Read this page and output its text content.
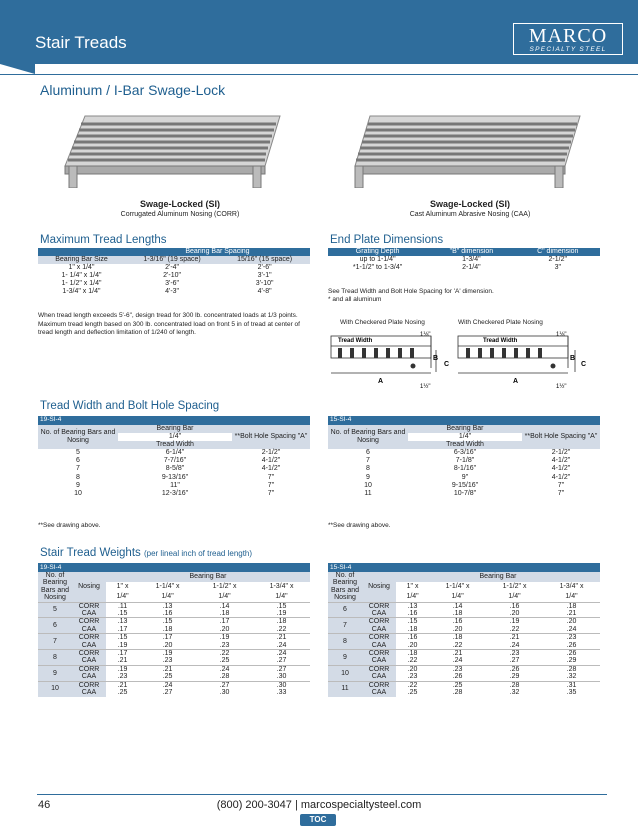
Stair Treads	MARCO
SPECIALTY STEEL
Aluminum / I-Bar Swage-Lock
Swage-Locked (SI)
Corrugated Aluminum Nosing (CORR)
Swage-Locked (SI)
Cast Aluminum Abrasive Nosing (CAA)
Maximum Tread Lengths
	Bearing Bar Spacing	
Bearing Bar Size	1-3/16" (19 space)	15/16" (15 space)
1" x 1/4"	2'-4"	2'-6"
1- 1/4" x 1/4"	2'-10"	3'-1"
1- 1/2" x 1/4"	3'-6"	3'-10"
1-3/4" x 1/4"	4'-3"	4'-8"
When tread length exceeds 5'-6", design tread for 300 lb. concentrated loads at 1/3 points. Maximum tread length based on 300 lb. concentrated load on front 5 in of tread at center of tread length and deflection limitation of 1/240 of length.
End Plate Dimensions
Grating Depth	"B" dimension	C" dimension
up to 1-1/4"	1-3/4"	2-1/2"
*1-1/2" to 1-3/4"	2-1/4"	3"
See Tread Width and Bolt Hole Spacing for 'A' dimension.
* and all aluminum
With Checkered Plate Nosing	With Checkered Plate Nosing
Tread Width	Tread Width
A	A
B
C
B
C
1⅛"	1⅛"
1½"	1½"
Tread Width and Bolt Hole Spacing
19-SI-4		
No. of Bearing Bars and Nosing	Bearing Bar	**Bolt Hole Spacing "A"
	1/4"	
	Tread Width	
5	6-1/4"	2-1/2"
6	7-7/16"	4-1/2"
7	8-5/8"	4-1/2"
8	9-13/16"	7"
9	11"	7"
10	12-3/16"	7"
**See drawing above.
15-SI-4		
No. of Bearing Bars and Nosing	Bearing Bar	**Bolt Hole Spacing "A"
	1/4"	
	Tread Width	
6	6-3/16"	2-1/2"
7	7-1/8"	4-1/2"
8	8-1/16"	4-1/2"
9	9"	4-1/2"
10	9-15/16"	7"
11	10-7/8"	7"
**See drawing above.
Stair Tread Weights (per lineal inch of tread length)
19-SI-4					
No. of Bearing Bars and Nosing	Nosing	Bearing Bar			
		1" x	1-1/4" x	1-1/2" x	1-3/4" x
		1/4"	1/4"	1/4"	1/4"
5	CORR	.11	.13	.14	.15
	CAA	.15	.16	.18	.19
6	CORR	.13	.15	.17	.18
	CAA	.17	.18	.20	.22
7	CORR	.15	.17	.19	.21
	CAA	.19	.20	.23	.24
8	CORR	.17	.19	.22	.24
	CAA	.21	.23	.25	.27
9	CORR	.19	.21	.24	.27
	CAA	.23	.25	.28	.30
10	CORR	.21	.24	.27	.30
	CAA	.25	.27	.30	.33
15-SI-4					
No. of Bearing Bars and Nosing	Nosing	Bearing Bar			
		1" x	1-1/4" x	1-1/2" x	1-3/4" x
		1/4"	1/4"	1/4"	1/4"
6	CORR	.13	.14	.16	.18
	CAA	.16	.18	.20	.21
7	CORR	.15	.16	.19	.20
	CAA	.18	.20	.22	.24
8	CORR	.16	.18	.21	.23
	CAA	.20	.22	.24	.26
9	CORR	.18	.21	.23	.26
	CAA	.22	.24	.27	.29
10	CORR	.20	.23	.26	.28
	CAA	.23	.26	.29	.32
11	CORR	.22	.25	.28	.31
	CAA	.25	.28	.32	.35
46	(800) 200-3047 | marcospecialtysteel.com
TOC
